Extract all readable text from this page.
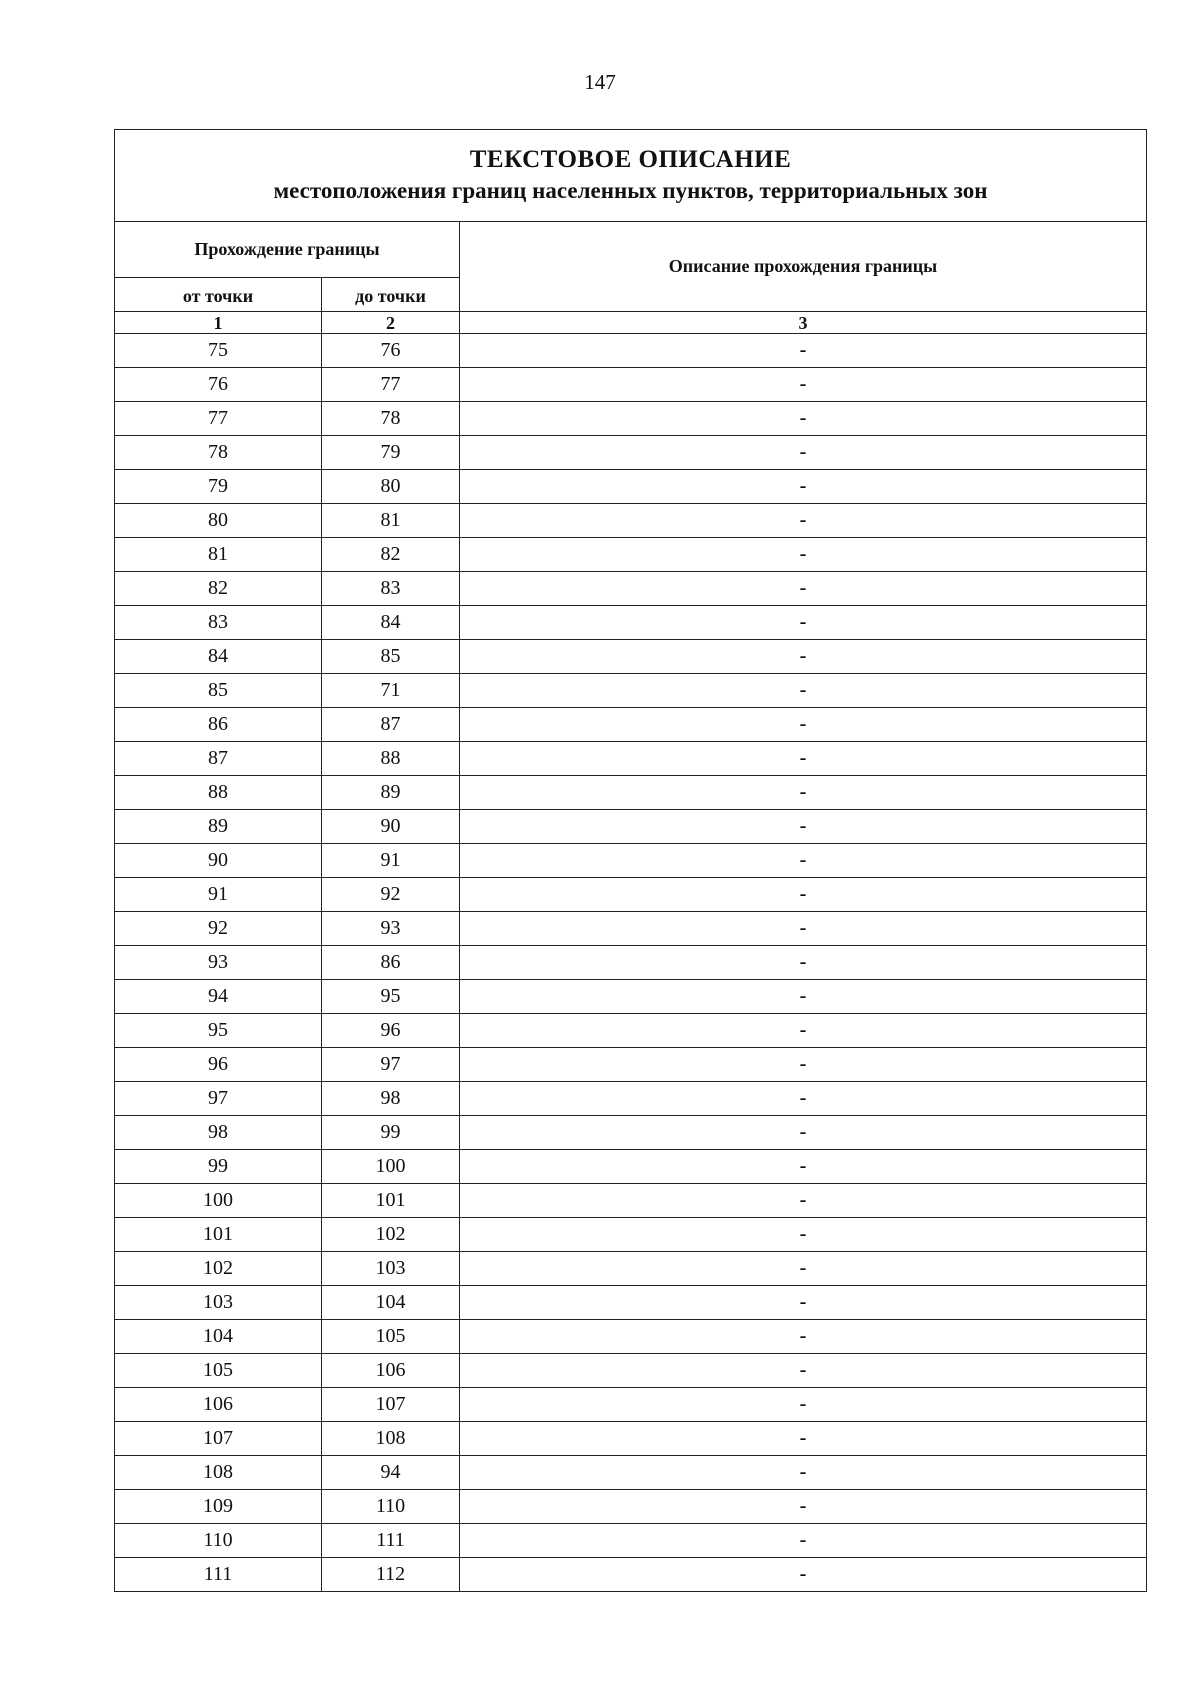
147
ТЕКСТОВОЕ ОПИСАНИЕ
местоположения границ населенных пунктов, территориальных зон		

Прохождение границы		Описание прохождения границы
от точки	до точки	
1	2	3
75	76	-
76	77	-
77	78	-
78	79	-
79	80	-
80	81	-
81	82	-
82	83	-
83	84	-
84	85	-
85	71	-
86	87	-
87	88	-
88	89	-
89	90	-
90	91	-
91	92	-
92	93	-
93	86	-
94	95	-
95	96	-
96	97	-
97	98	-
98	99	-
99	100	-
100	101	-
101	102	-
102	103	-
103	104	-
104	105	-
105	106	-
106	107	-
107	108	-
108	94	-
109	110	-
110	111	-
111	112	-
